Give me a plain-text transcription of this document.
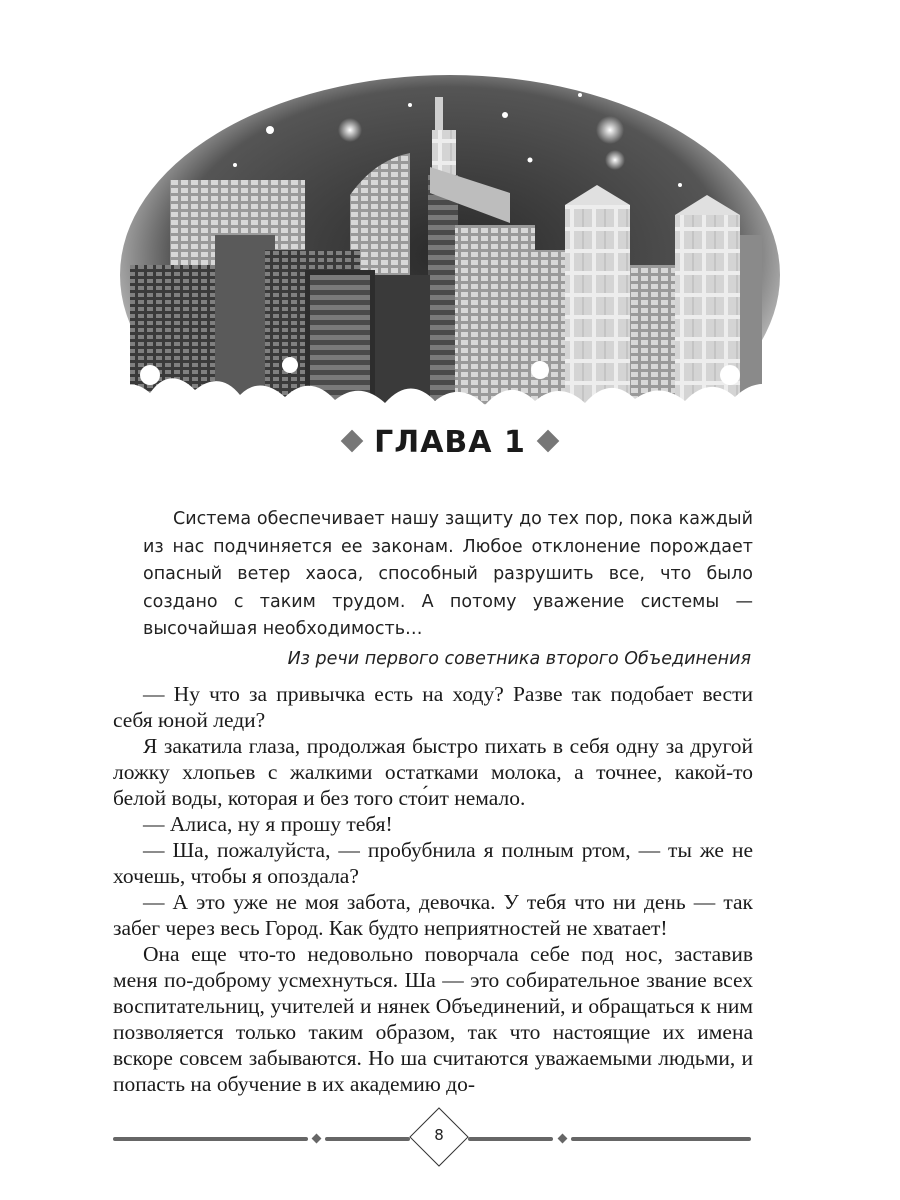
ГЛАВА 1

Система обеспечивает нашу защиту до тех пор, пока каждый из нас подчиняется ее законам. Любое отклонение порождает опасный ветер хаоса, способный разрушить все, что было создано с таким трудом. А потому уважение системы — высочайшая необходимость…

Из речи первого советника второго Объединения

— Ну что за привычка есть на ходу? Разве так подобает вести себя юной леди?

Я закатила глаза, продолжая быстро пихать в себя одну за другой ложку хлопьев с жалкими остатками молока, а точнее, какой-то белой воды, которая и без того сто́ит немало.

— Алиса, ну я прошу тебя!

— Ша, пожалуйста, — пробубнила я полным ртом, — ты же не хочешь, чтобы я опоздала?

— А это уже не моя забота, девочка. У тебя что ни день — так забег через весь Город. Как будто неприятностей не хватает!

Она еще что-то недовольно поворчала себе под нос, заставив меня по-доброму усмехнуться. Ша — это собирательное звание всех воспитательниц, учителей и нянек Объединений, и обращаться к ним позволяется только таким образом, так что настоящие их имена вскоре совсем забываются. Но ша считаются уважаемыми людьми, и попасть на обучение в их академию до-

8
